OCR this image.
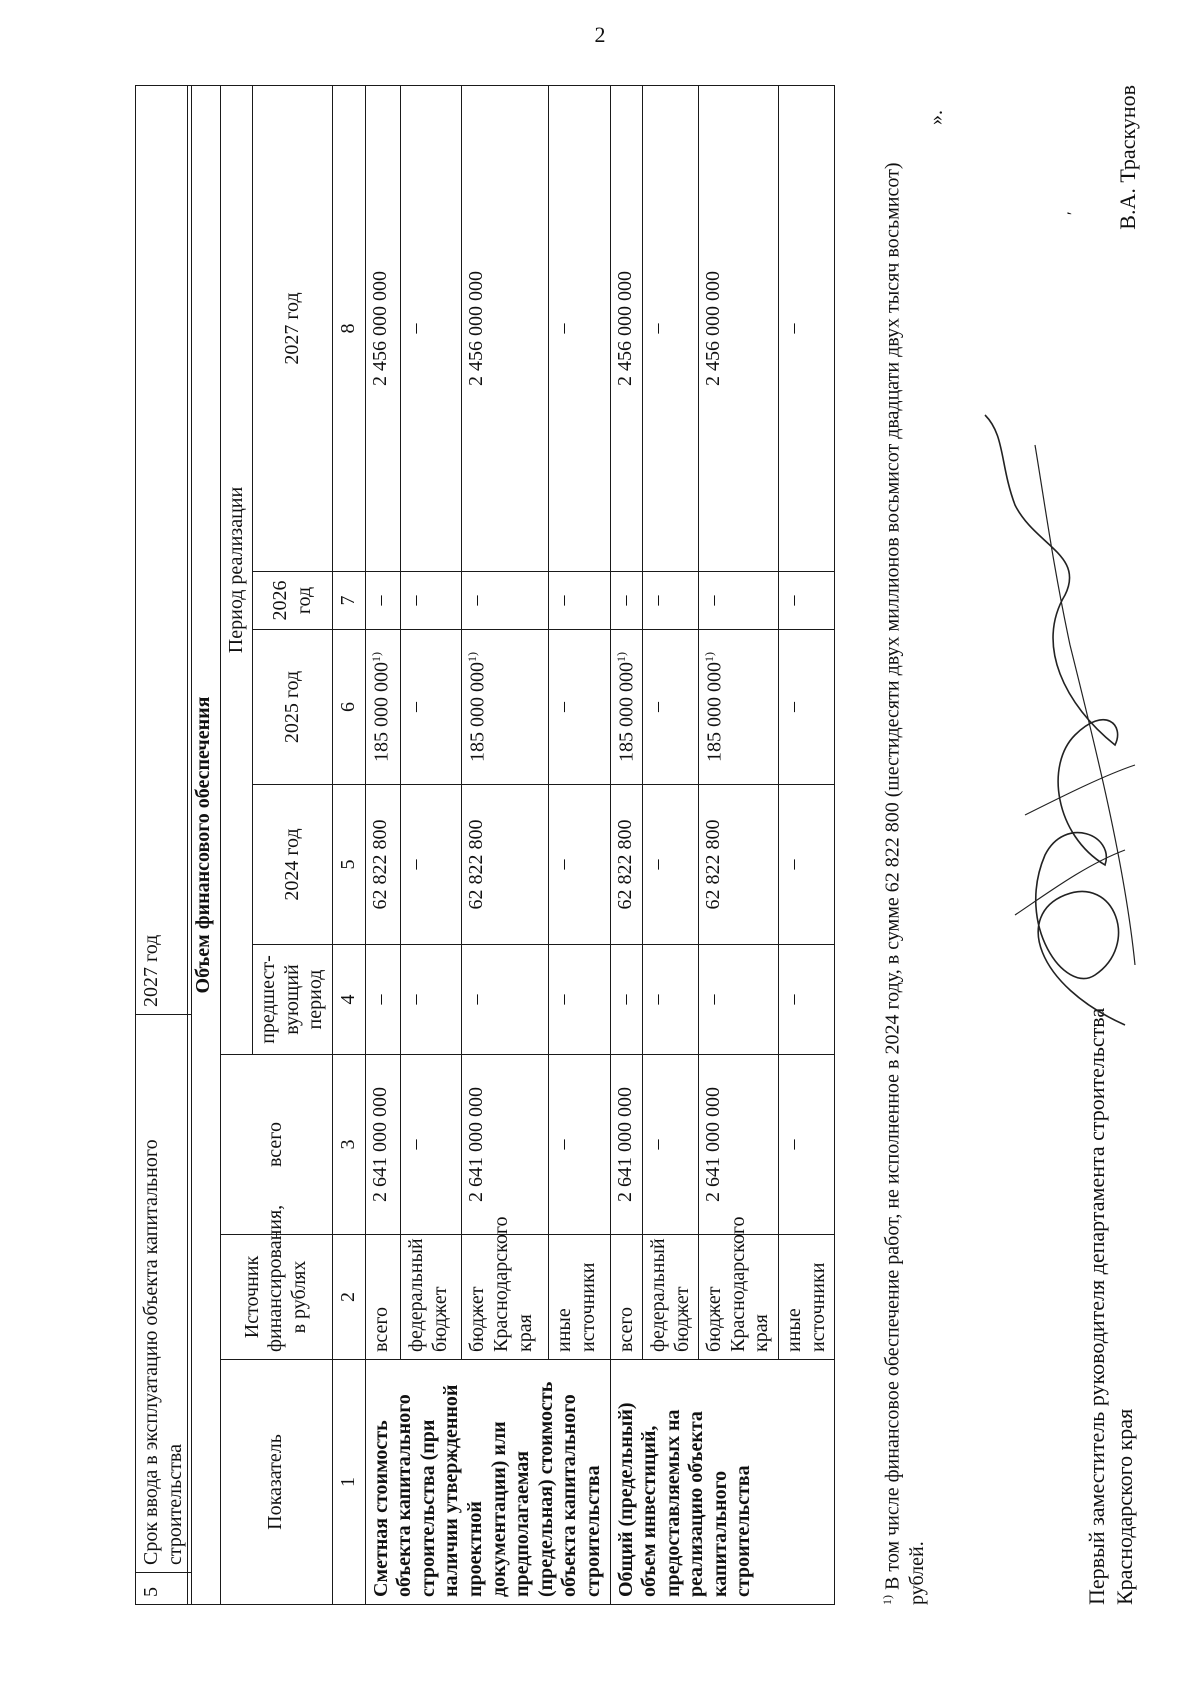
2
5	Срок ввода в эксплуатацию объекта капитального строительства	2027 год Объем финансового обеспечения							
Показатель	Источник финансирования, в рублях	всего	Период реализации				
			предшест-вующий период	2024 год	2025 год	2026 год	2027 год
1	2	3	4	5	6	7	8
Сметная стоимость объекта капитального строительства (при наличии утвержденной проектной документации) или предполагаемая (предельная) стоимость объекта капитального строительства	всего	2 641 000 000	–	62 822 800	185 000 000$^{1)}$	–	2 456 000 000
	федеральный бюджет	–	–	–	–	–	–
	бюджет Краснодарского края	2 641 000 000	–	62 822 800	185 000 000$^{1)}$	–	2 456 000 000
	иные источники	–	–	–	–	–	–
Общий (предельный) объем инвестиций, предоставляемых на реализацию объекта капитального строительства	всего	2 641 000 000	–	62 822 800	185 000 000$^{1)}$	–	2 456 000 000
	федеральный бюджет	–	–	–	–	–	–
	бюджет Краснодарского края	2 641 000 000	–	62 822 800	185 000 000$^{1)}$	–	2 456 000 000
	иные источники	–	–	–	–	–	–
$^{1)}$ В том числе финансовое обеспечение работ, не исполненное в 2024 году, в сумме 62 822 800 (шестидесяти двух миллионов восьмисот двадцати двух тысяч восьмисот) рублей.
».
Первый заместитель руководителя департамента строительства Краснодарского края
′ В.А. Траскунов
